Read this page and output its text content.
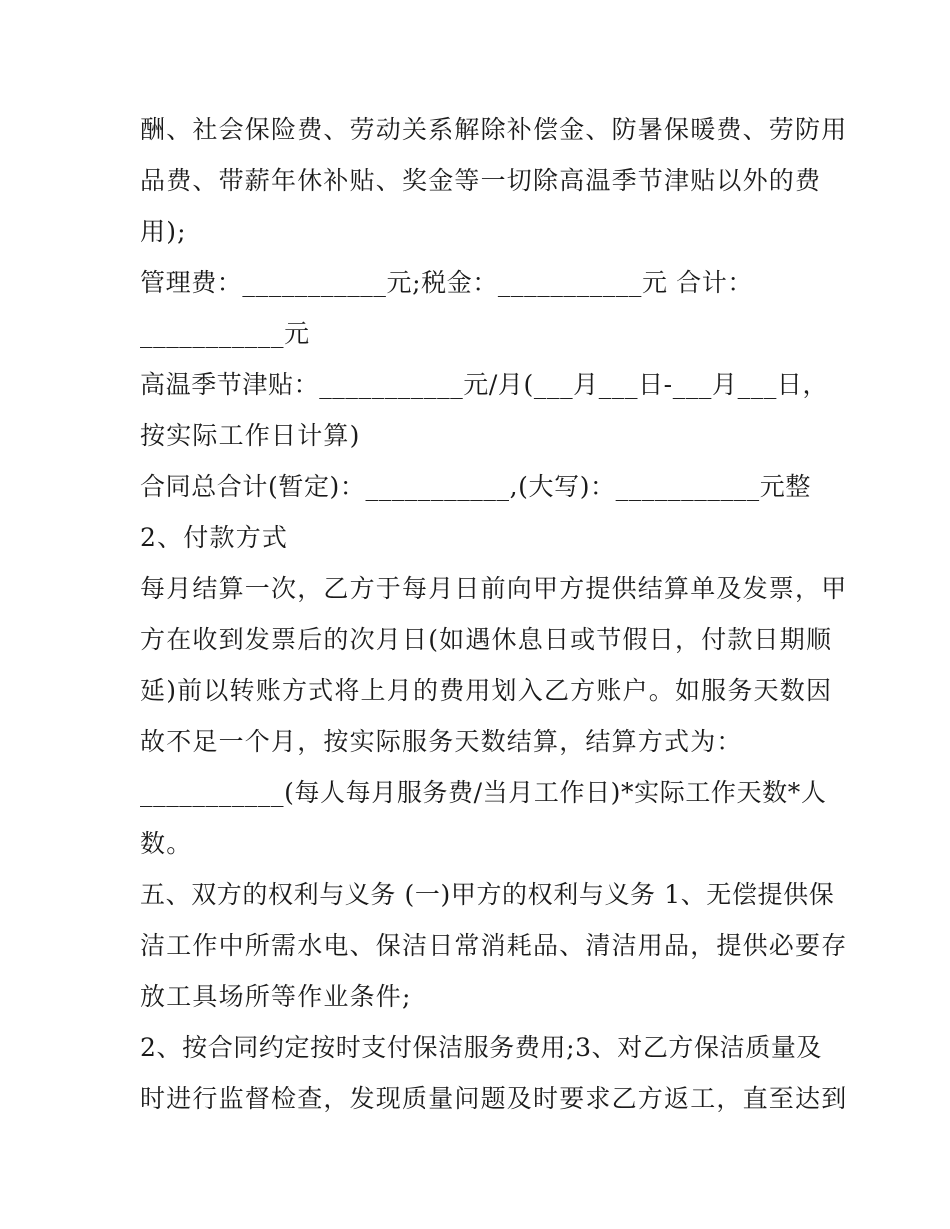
酬、社会保险费、劳动关系解除补偿金、防暑保暖费、劳防用
品费、带薪年休补贴、奖金等一切除高温季节津贴以外的费
用);
管理费：___________元;税金：___________元 合计：
___________元
高温季节津贴：___________元/月(___月___日-___月___日，
按实际工作日计算)
合同总合计(暂定)：___________,(大写)：___________元整
2、付款方式
每月结算一次，乙方于每月日前向甲方提供结算单及发票，甲
方在收到发票后的次月日(如遇休息日或节假日，付款日期顺
延)前以转账方式将上月的费用划入乙方账户。如服务天数因
故不足一个月，按实际服务天数结算，结算方式为：
___________(每人每月服务费/当月工作日)*实际工作天数*人
数。
五、双方的权利与义务 (一)甲方的权利与义务 1、无偿提供保
洁工作中所需水电、保洁日常消耗品、清洁用品，提供必要存
放工具场所等作业条件;
2、按合同约定按时支付保洁服务费用;3、对乙方保洁质量及
时进行监督检查，发现质量问题及时要求乙方返工，直至达到
